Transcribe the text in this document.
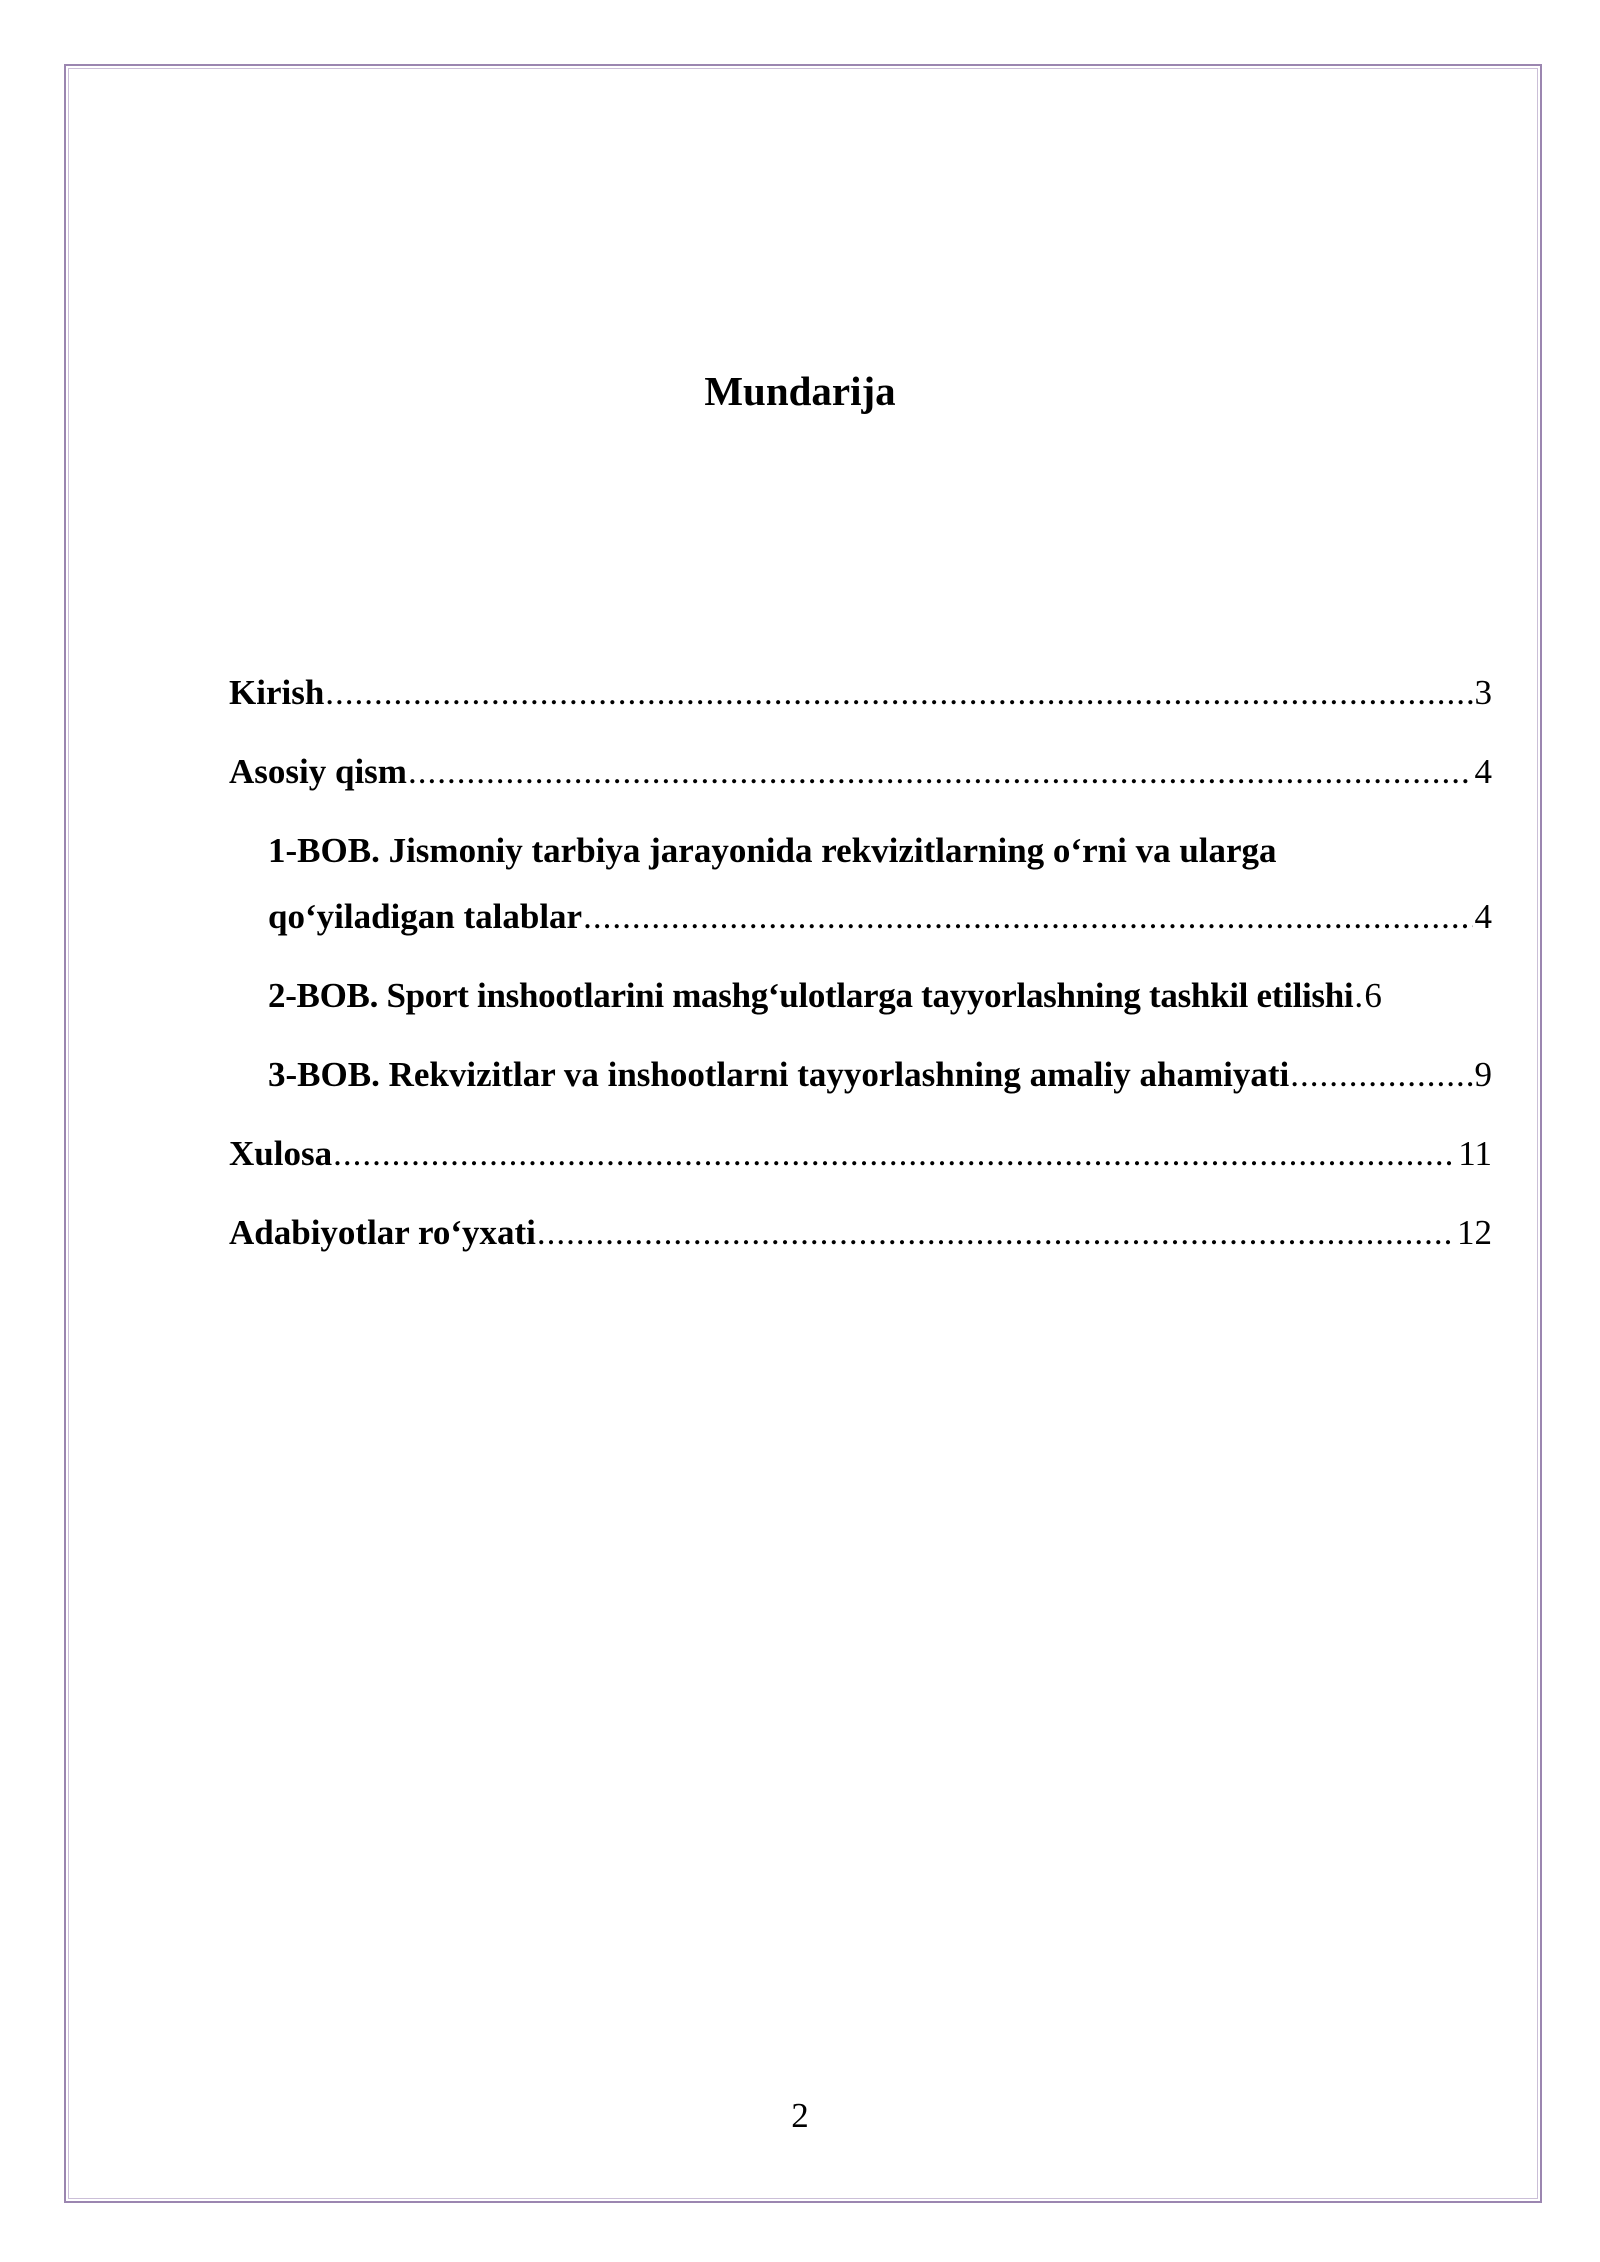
Mundarija
Kirish .....	3
Asosiy qism .....	4
1-BOB. Jismoniy tarbiya jarayonida rekvizitlarning o‘rni va ularga
qo‘yiladigan talablar .....	4
2-BOB. Sport inshootlarini mashg‘ulotlarga tayyorlashning tashkil etilishi ..... 6
3-BOB. Rekvizitlar va inshootlarni tayyorlashning amaliy ahamiyati .....	9
Xulosa .....	11
Adabiyotlar ro‘yxati .....	12
2
